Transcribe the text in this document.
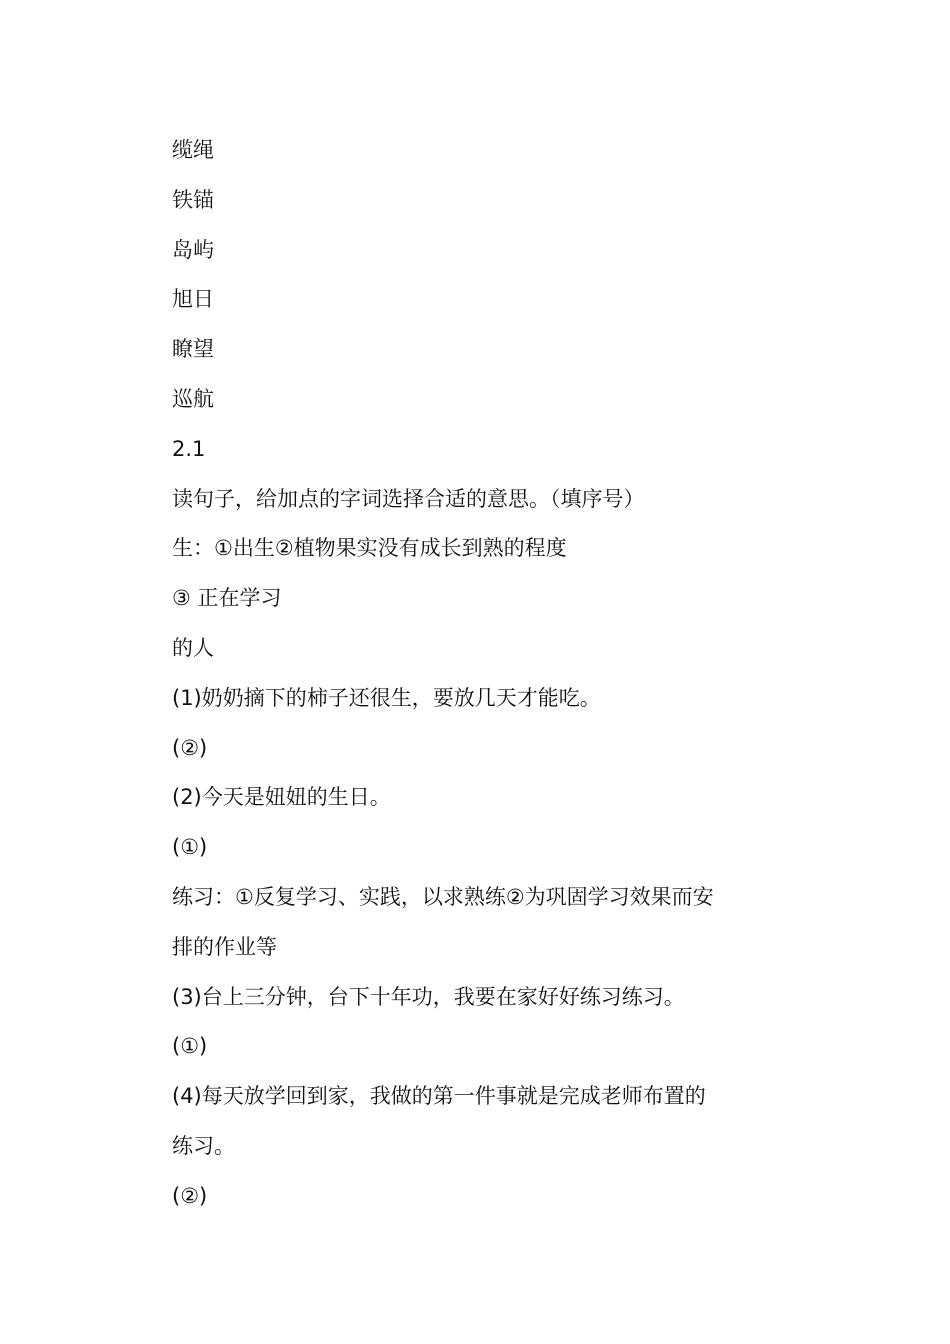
缆绳
铁锚
岛屿
旭日
瞭望
巡航
2.1
读句子，给加点的字词选择合适的意思。（填序号）
生：①出生②植物果实没有成长到熟的程度
③ 正在学习
的人
(1)奶奶摘下的柿子还很生，要放几天才能吃。
(②)
(2)今天是妞妞的生日。
(①)
练习：①反复学习、实践，以求熟练②为巩固学习效果而安
排的作业等
(3)台上三分钟，台下十年功，我要在家好好练习练习。
(①)
(4)每天放学回到家，我做的第一件事就是完成老师布置的
练习。
(②)
